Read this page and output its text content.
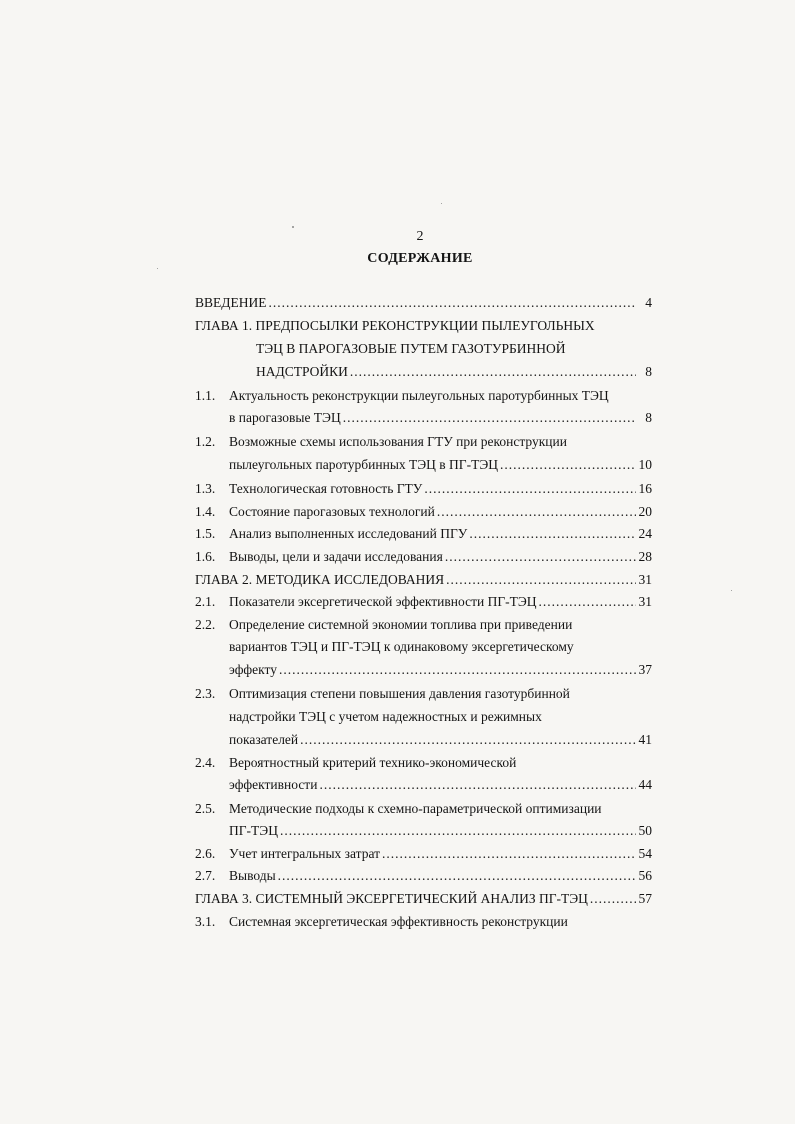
2
СОДЕРЖАНИЕ
ВВЕДЕНИЕ .....	4
ГЛАВА 1. ПРЕДПОСЫЛКИ РЕКОНСТРУКЦИИ ПЫЛЕУГОЛЬНЫХ
ТЭЦ В ПАРОГАЗОВЫЕ ПУТЕМ ГАЗОТУРБИННОЙ
НАДСТРОЙКИ .....	8
1.1. Актуальность реконструкции пылеугольных паротурбинных ТЭЦ
в парогазовые ТЭЦ .....	8
1.2. Возможные схемы использования ГТУ при реконструкции
пылеугольных паротурбинных ТЭЦ в ПГ-ТЭЦ .....	10
1.3. Технологическая готовность ГТУ .....	16
1.4. Состояние парогазовых технологий .....	20
1.5. Анализ выполненных исследований ПГУ .....	24
1.6. Выводы, цели и задачи исследования .....	28
ГЛАВА 2. МЕТОДИКА ИССЛЕДОВАНИЯ .....	31
2.1. Показатели эксергетической эффективности ПГ-ТЭЦ .....	31
2.2. Определение системной экономии топлива при приведении
вариантов ТЭЦ и ПГ-ТЭЦ к одинаковому эксергетическому
эффекту .....	37
2.3. Оптимизация степени повышения давления газотурбинной
надстройки ТЭЦ с учетом надежностных и режимных
показателей .....	41
2.4. Вероятностный критерий технико-экономической
эффективности .....	44
2.5. Методические подходы к схемно-параметрической оптимизации
ПГ-ТЭЦ .....	50
2.6. Учет интегральных затрат .....	54
2.7. Выводы .....	56
ГЛАВА 3. СИСТЕМНЫЙ ЭКСЕРГЕТИЧЕСКИЙ АНАЛИЗ ПГ-ТЭЦ .....	57
3.1. Системная эксергетическая эффективность реконструкции
